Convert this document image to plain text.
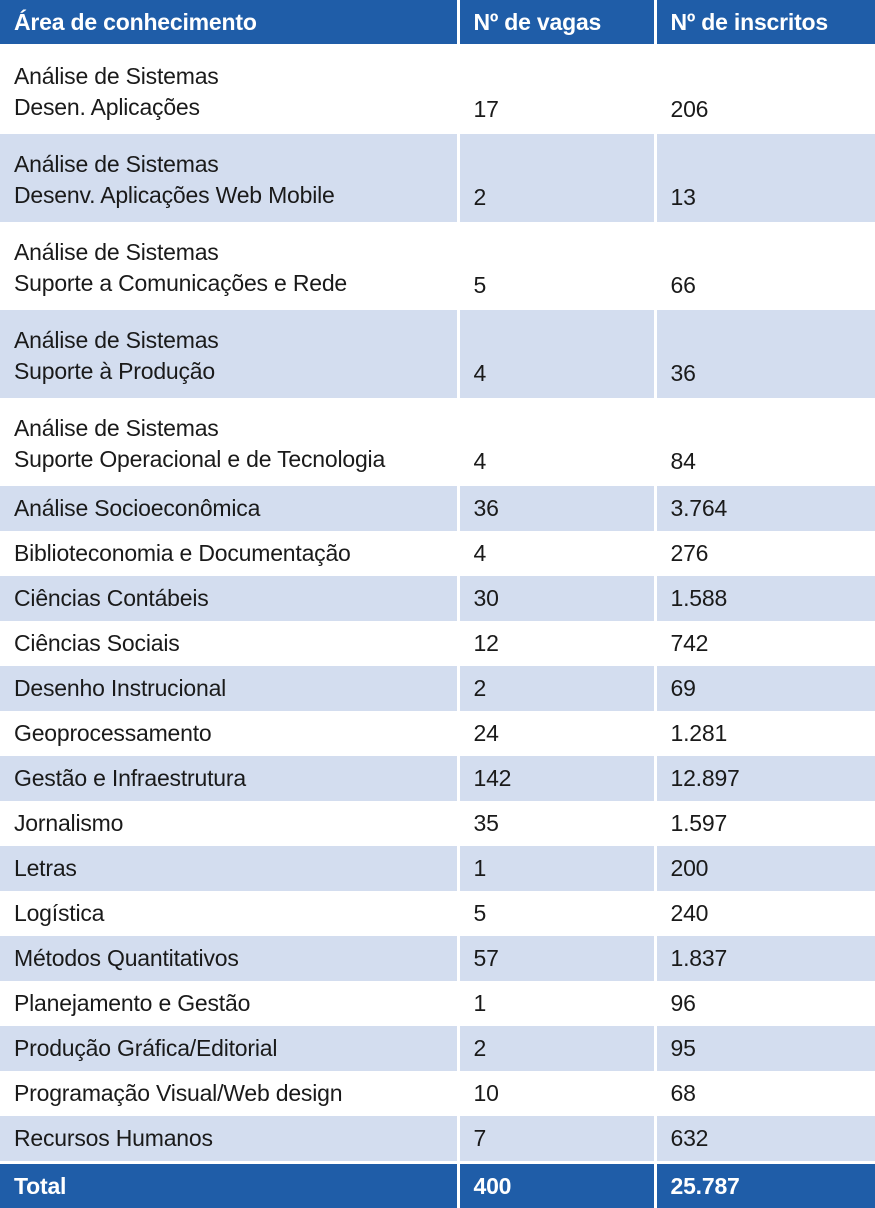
Área de conhecimento	Nº de vagas	Nº de inscritos

Análise de Sistemas
Desen. Aplicações	17	206

Análise de Sistemas
Desenv. Aplicações Web Mobile	2	13

Análise de Sistemas
Suporte a Comunicações e Rede	5	66

Análise de Sistemas
Suporte à Produção	4	36

Análise de Sistemas
Suporte Operacional e de Tecnologia	4	84

Análise Socioeconômica	36	3.764

Biblioteconomia e Documentação	4	276

Ciências Contábeis	30	1.588

Ciências Sociais	12	742

Desenho Instrucional	2	69

Geoprocessamento	24	1.281

Gestão e Infraestrutura	142	12.897

Jornalismo	35	1.597

Letras	1	200

Logística	5	240

Métodos Quantitativos	57	1.837

Planejamento e Gestão	1	96

Produção Gráfica/Editorial	2	95

Programação Visual/Web design	10	68

Recursos Humanos	7	632
Total	400	25.787
